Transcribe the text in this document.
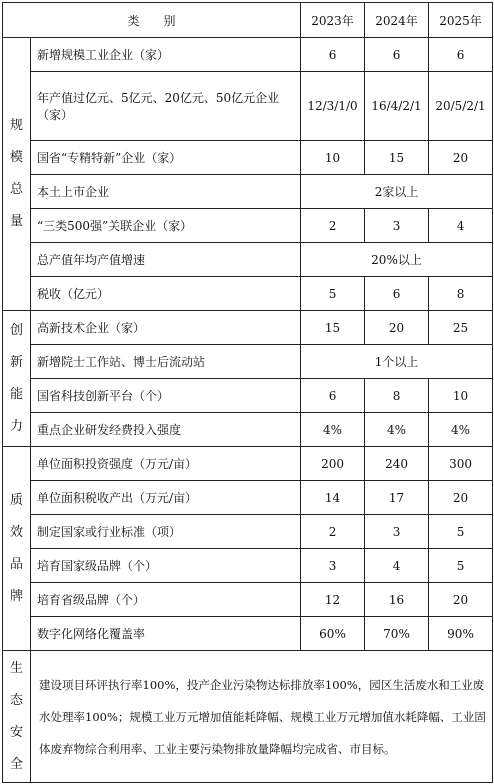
类　　别		2023年	2024年	2025年

规
模
总
量	新增规模工业企业（家）	6	6	6
	年产值过亿元、5亿元、20亿元、50亿元企业（家）	12/3/1/0	16/4/2/1	20/5/2/1
	国省“专精特新”企业（家）	10	15	20
	本土上市企业	2家以上		
	“三类500强”关联企业（家）	2	3	4
	总产值年均产值增速	20%以上		
	税收（亿元）	5	6	8

创
新
能
力	高新技术企业（家）	15	20	25
	新增院士工作站、博士后流动站	1个以上		
	国省科技创新平台（个）	6	8	10
	重点企业研发经费投入强度	4%	4%	4%

质
效
品
牌	单位面积投资强度（万元/亩）	200	240	300
	单位面积税收产出（万元/亩）	14	17	20
	制定国家或行业标准（项）	2	3	5
	培育国家级品牌（个）	3	4	5
	培育省级品牌（个）	12	16	20
	数字化网络化覆盖率	60%	70%	90%

生
态
安
全	建设项目环评执行率100%，投产企业污染物达标排放率100%，园区生活废水和工业废水处理率100%；规模工业万元增加值能耗降幅、规模工业万元增加值水耗降幅、工业固体废弃物综合利用率、工业主要污染物排放量降幅均完成省、市目标。			
